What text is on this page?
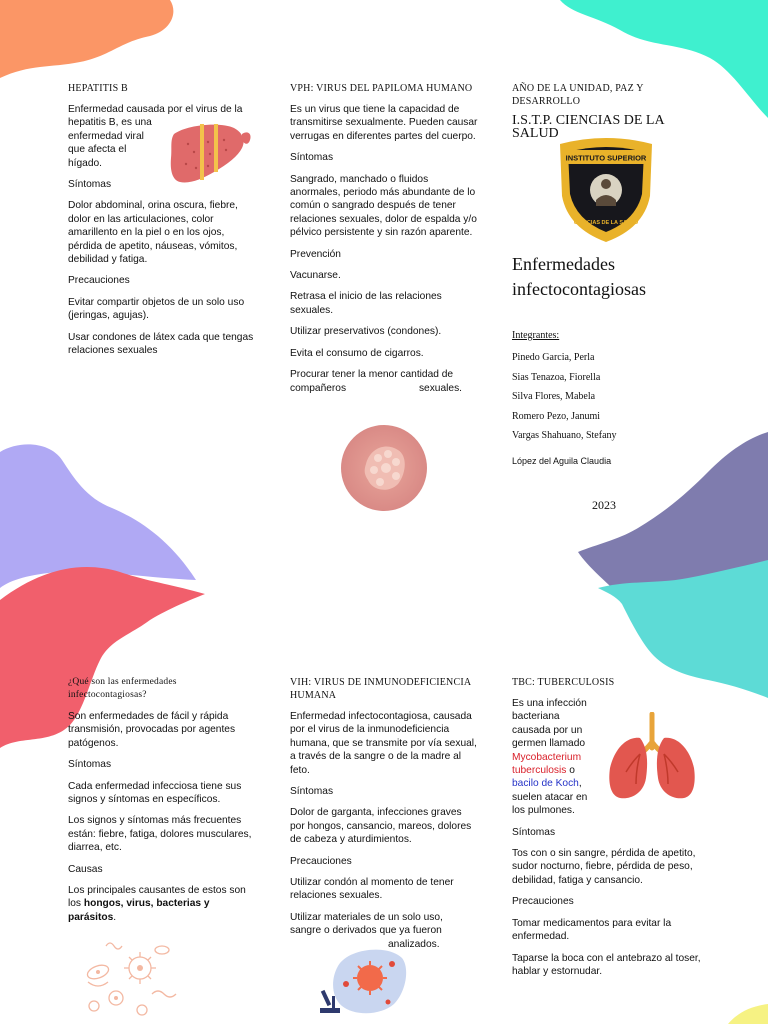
HEPATITIS B
Enfermedad causada por el virus de la
hepatitis B, es una
enfermedad viral
que afecta el
hígado.

Síntomas

Dolor abdominal, orina oscura, fiebre, dolor en las articulaciones, color amarillento en la piel o en los ojos, pérdida de apetito, náuseas, vómitos, debilidad y fatiga.

Precauciones

Evitar compartir objetos de un solo uso (jeringas, agujas).

Usar condones de látex cada que tengas relaciones sexuales

VPH: VIRUS DEL PAPILOMA HUMANO

Es un virus que tiene la capacidad de transmitirse sexualmente. Pueden causar verrugas en diferentes partes del cuerpo.

Síntomas

Sangrado, manchado o fluidos anormales, periodo más abundante de lo común o sangrado después de tener relaciones sexuales, dolor de espalda y/o pélvico persistente y sin razón aparente.

Prevención

Vacunarse.

Retrasa el inicio de las relaciones sexuales.

Utilizar preservativos (condones).

Evita el consumo de cigarros.

Procurar tener la menor cantidad de
compañeros	sexuales.
AÑO DE LA UNIDAD, PAZ Y DESARROLLO
I.S.T.P. CIENCIAS DE LA SALUD
INSTITUTO SUPERIOR
CIENCIAS DE LA SALUD
Enfermedades
infectocontagiosas
Integrantes:
Pinedo Garcia, Perla
Sias Tenazoa, Fiorella
Silva Flores, Mabela
Romero Pezo, Janumi
Vargas Shahuano, Stefany
López del Aguila Claudia
2023
¿Qué son las enfermedades infectocontagiosas?

Son enfermedades de fácil y rápida transmisión, provocadas por agentes patógenos.

Síntomas

Cada enfermedad infecciosa tiene sus signos y síntomas en específicos.

Los signos y síntomas más frecuentes están: fiebre, fatiga, dolores musculares, diarrea, etc.

Causas

Los principales causantes de estos son los hongos, virus, bacterias y parásitos.

VIH: VIRUS DE INMUNODEFICIENCIA HUMANA

Enfermedad infectocontagiosa, causada por el virus de la inmunodeficiencia humana, que se transmite por vía sexual, a través de la sangre o de la madre al feto.

Síntomas

Dolor de garganta, infecciones graves por hongos, cansancio, mareos, dolores de cabeza y aturdimientos.

Precauciones

Utilizar condón al momento de tener relaciones sexuales.

Utilizar materiales de un solo uso, sangre o derivados que ya fueron
analizados.
TBC: TUBERCULOSIS

Es una infección bacteriana causada por un germen llamado Mycobacterium tuberculosis o bacilo de Koch, suelen atacar en los pulmones.

Síntomas

Tos con o sin sangre, pérdida de apetito, sudor nocturno, fiebre, pérdida de peso, debilidad, fatiga y cansancio.

Precauciones

Tomar medicamentos para evitar la enfermedad.

Taparse la boca con el antebrazo al toser, hablar y estornudar.
